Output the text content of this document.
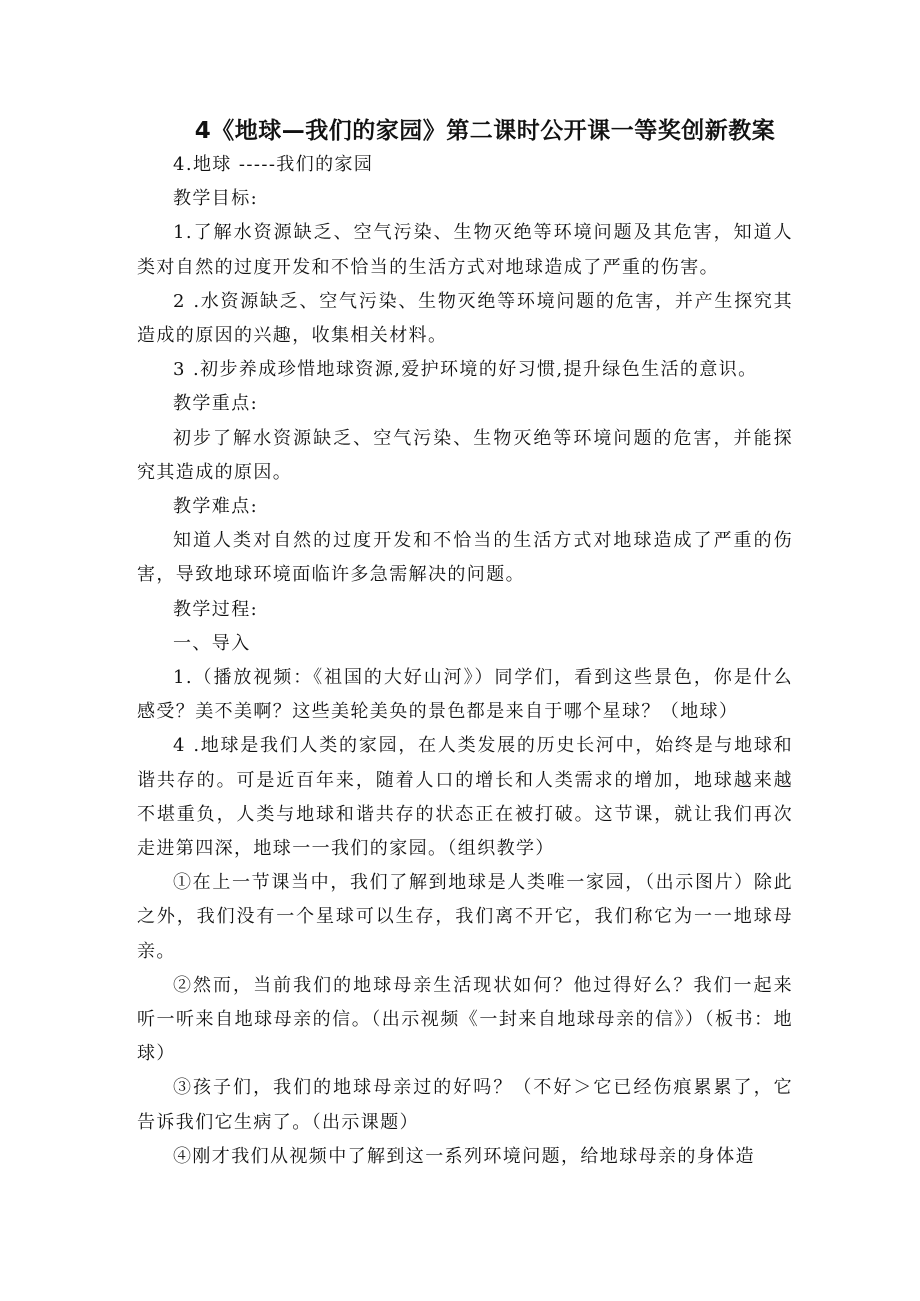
4《地球—我们的家园》第二课时公开课一等奖创新教案

4.地球 -----我们的家园

教学目标:

1.了解水资源缺乏、空气污染、生物灭绝等环境问题及其危害，知道人类对自然的过度开发和不恰当的生活方式对地球造成了严重的伤害。

2 .水资源缺乏、空气污染、生物灭绝等环境问题的危害，并产生探究其造成的原因的兴趣，收集相关材料。

3 .初步养成珍惜地球资源,爱护环境的好习惯,提升绿色生活的意识。

教学重点:

初步了解水资源缺乏、空气污染、生物灭绝等环境问题的危害，并能探究其造成的原因。

教学难点:

知道人类对自然的过度开发和不恰当的生活方式对地球造成了严重的伤害，导致地球环境面临许多急需解决的问题。

教学过程:

一、导入

1.（播放视频：《祖国的大好山河》）同学们，看到这些景色，你是什么感受？美不美啊？这些美轮美奂的景色都是来自于哪个星球？（地球）

4 .地球是我们人类的家园，在人类发展的历史长河中，始终是与地球和谐共存的。可是近百年来，随着人口的增长和人类需求的增加，地球越来越不堪重负，人类与地球和谐共存的状态正在被打破。这节课，就让我们再次走进第四深，地球一一我们的家园。（组织教学）

①在上一节课当中，我们了解到地球是人类唯一家园，（出示图片）除此之外，我们没有一个星球可以生存，我们离不开它，我们称它为一一地球母亲。

②然而，当前我们的地球母亲生活现状如何？他过得好么？我们一起来听一听来自地球母亲的信。（出示视频《一封来自地球母亲的信》）（板书：地球）

③孩子们，我们的地球母亲过的好吗？（不好＞它已经伤痕累累了，它告诉我们它生病了。（出示课题）

④刚才我们从视频中了解到这一系列环境问题，给地球母亲的身体造
